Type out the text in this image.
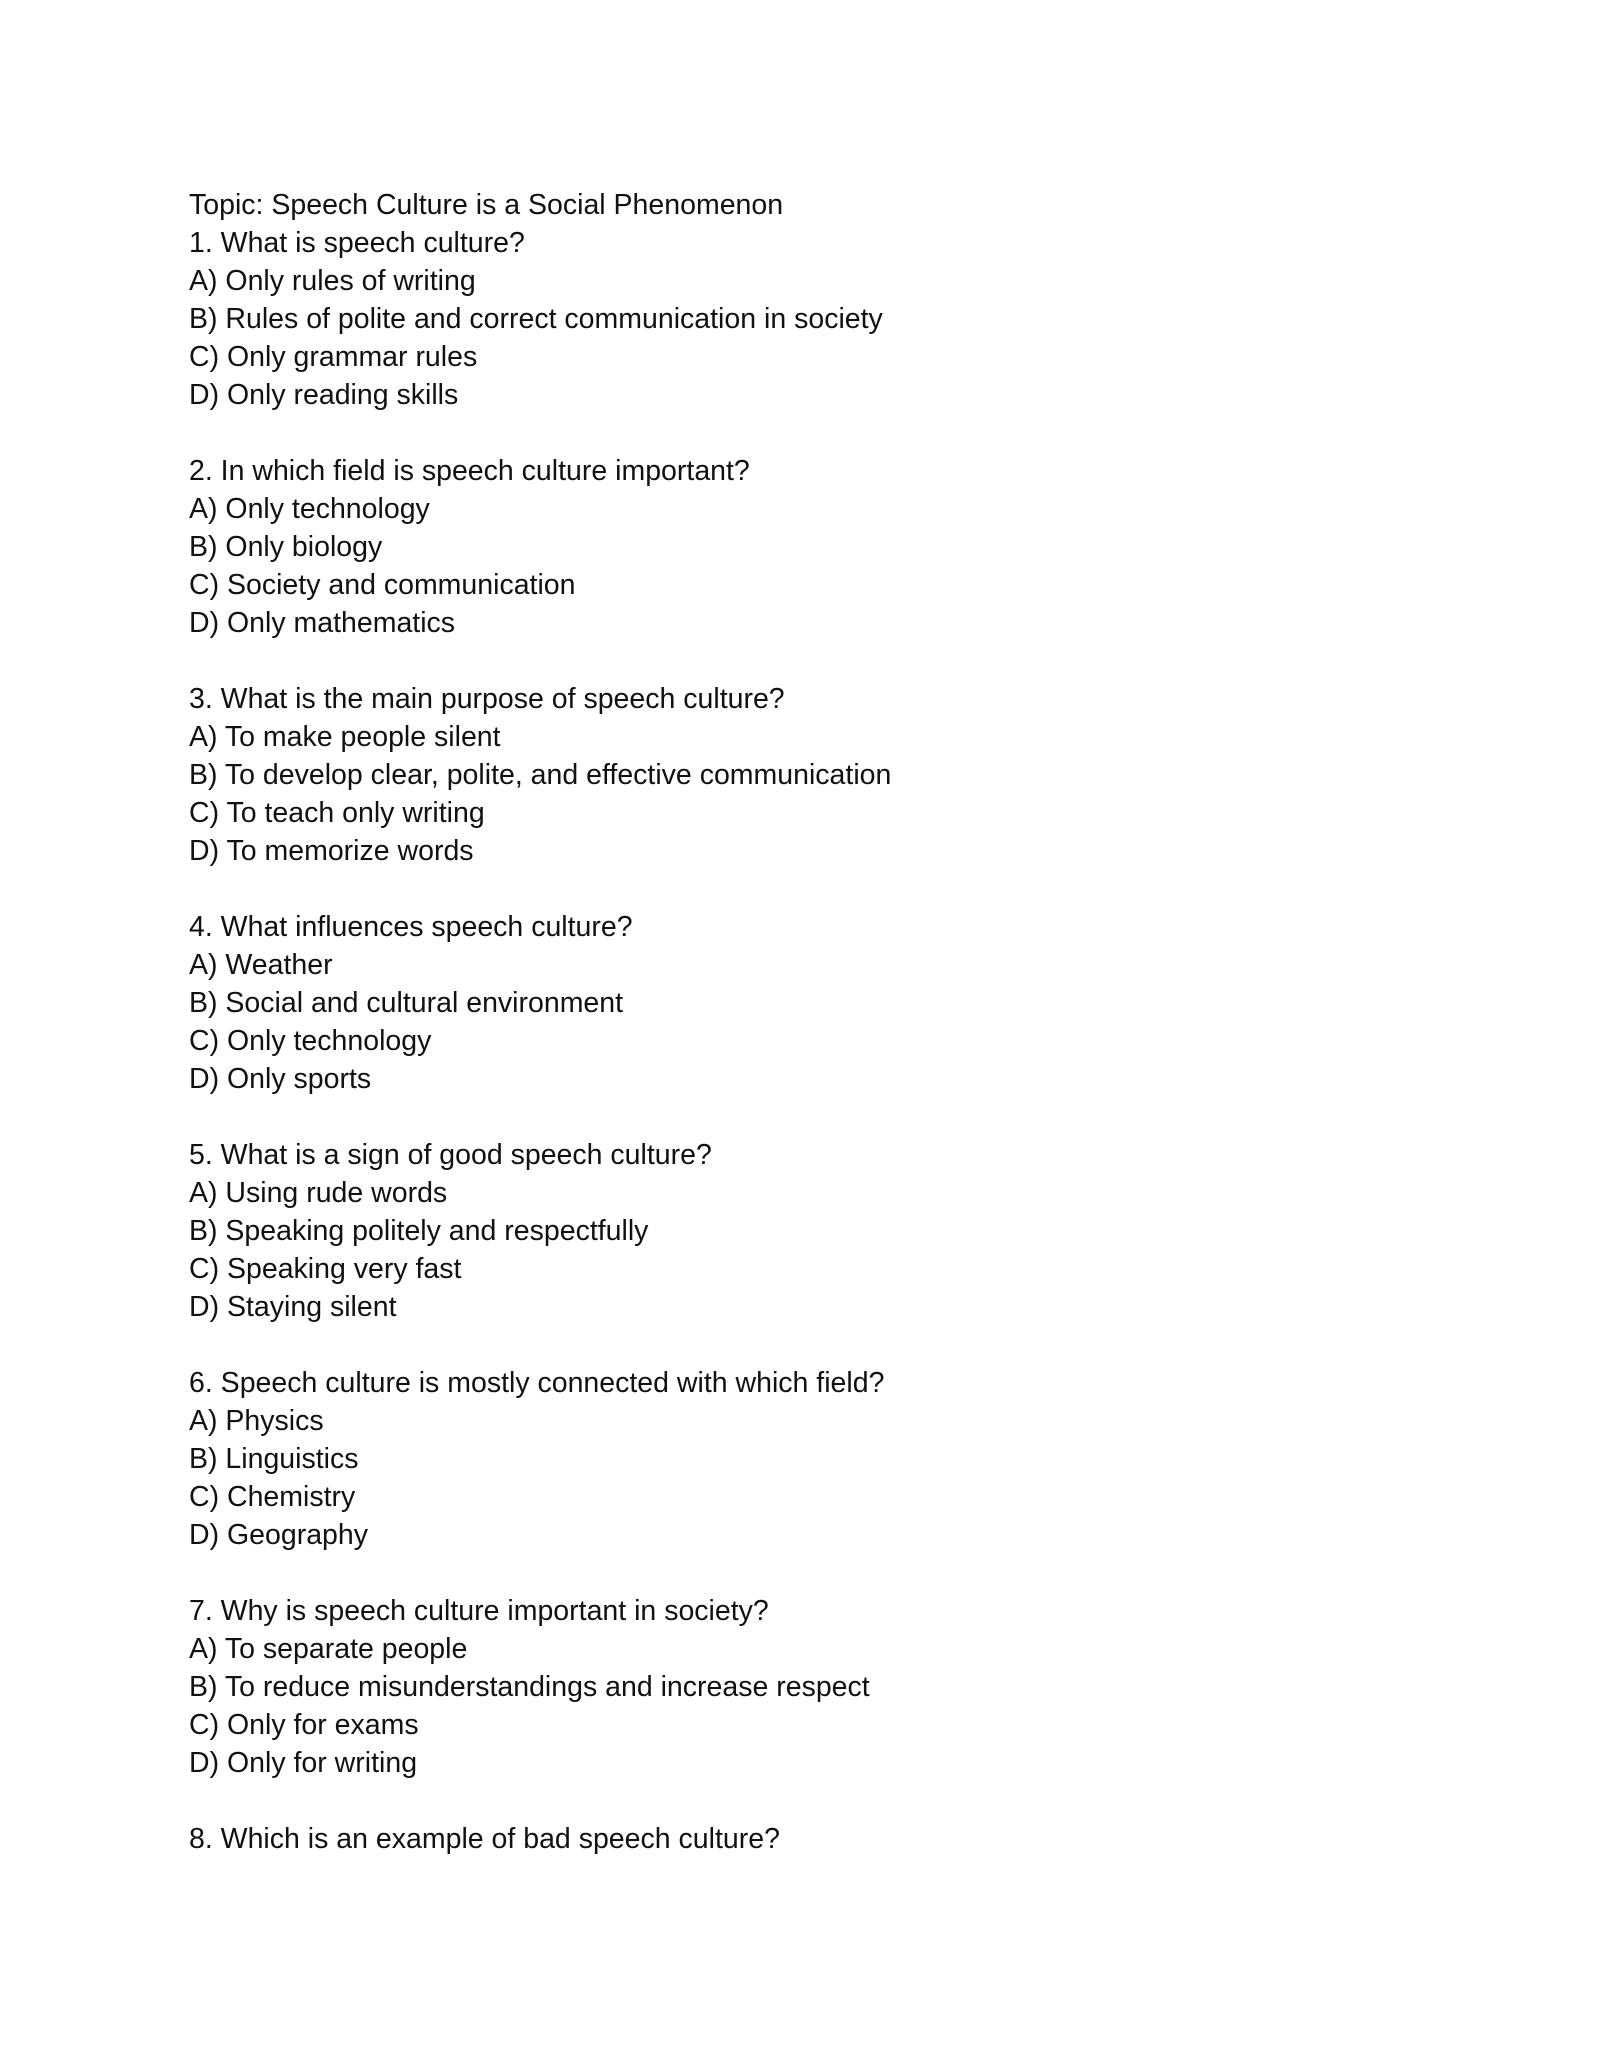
Topic: Speech Culture is a Social Phenomenon
1. What is speech culture?
A) Only rules of writing
B) Rules of polite and correct communication in society
C) Only grammar rules
D) Only reading skills
2. In which field is speech culture important?
A) Only technology
B) Only biology
C) Society and communication
D) Only mathematics
3. What is the main purpose of speech culture?
A) To make people silent
B) To develop clear, polite, and effective communication
C) To teach only writing
D) To memorize words
4. What influences speech culture?
A) Weather
B) Social and cultural environment
C) Only technology
D) Only sports
5. What is a sign of good speech culture?
A) Using rude words
B) Speaking politely and respectfully
C) Speaking very fast
D) Staying silent
6. Speech culture is mostly connected with which field?
A) Physics
B) Linguistics
C) Chemistry
D) Geography
7. Why is speech culture important in society?
A) To separate people
B) To reduce misunderstandings and increase respect
C) Only for exams
D) Only for writing
8. Which is an example of bad speech culture?
